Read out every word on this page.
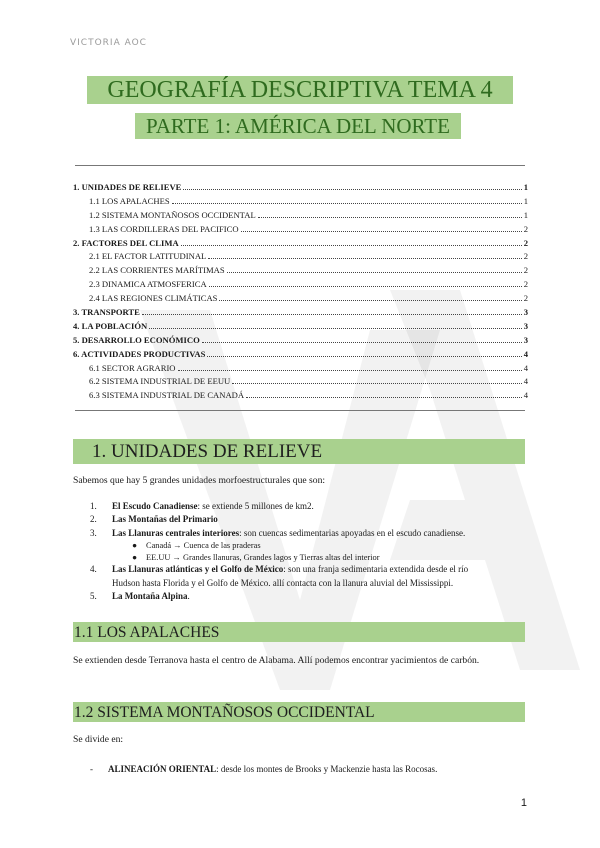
VICTORIA AOC
GEOGRAFÍA DESCRIPTIVA TEMA 4
PARTE 1: AMÉRICA DEL NORTE
1. UNIDADES DE RELIEVE	1
1.1 LOS APALACHES	1
1.2 SISTEMA MONTAÑOSOS OCCIDENTAL	1
1.3 LAS CORDILLERAS DEL PACIFICO	2
2. FACTORES DEL CLIMA	2
2.1 EL FACTOR LATITUDINAL	2
2.2 LAS CORRIENTES MARÍTIMAS	2
2.3 DINAMICA ATMOSFERICA	2
2.4 LAS REGIONES CLIMÁTICAS	2
3. TRANSPORTE	3
4. LA POBLACIÓN	3
5. DESARROLLO ECONÓMICO	3
6. ACTIVIDADES PRODUCTIVAS	4
6.1 SECTOR AGRARIO	4
6.2 SISTEMA INDUSTRIAL DE EEUU	4
6.3 SISTEMA INDUSTRIAL DE CANADÁ	4
1. UNIDADES DE RELIEVE
Sabemos que hay 5 grandes unidades morfoestructurales que son:
1. El Escudo Canadiense: se extiende 5 millones de km2.
2. Las Montañas del Primario
3. Las Llanuras centrales interiores: son cuencas sedimentarias apoyadas en el escudo canadiense.
● Canadá → Cuenca de las praderas
● EE.UU → Grandes llanuras, Grandes lagos y Tierras altas del interior
4. Las Llanuras atlánticas y el Golfo de México: son una franja sedimentaria extendida desde el río
Hudson hasta Florida y el Golfo de México. allí contacta con la llanura aluvial del Mississippi.
5. La Montaña Alpina.
1.1 LOS APALACHES
Se extienden desde Terranova hasta el centro de Alabama. Allí podemos encontrar yacimientos de carbón.
1.2 SISTEMA MONTAÑOSOS OCCIDENTAL
Se divide en:
- ALINEACIÓN ORIENTAL: desde los montes de Brooks y Mackenzie hasta las Rocosas.
1
